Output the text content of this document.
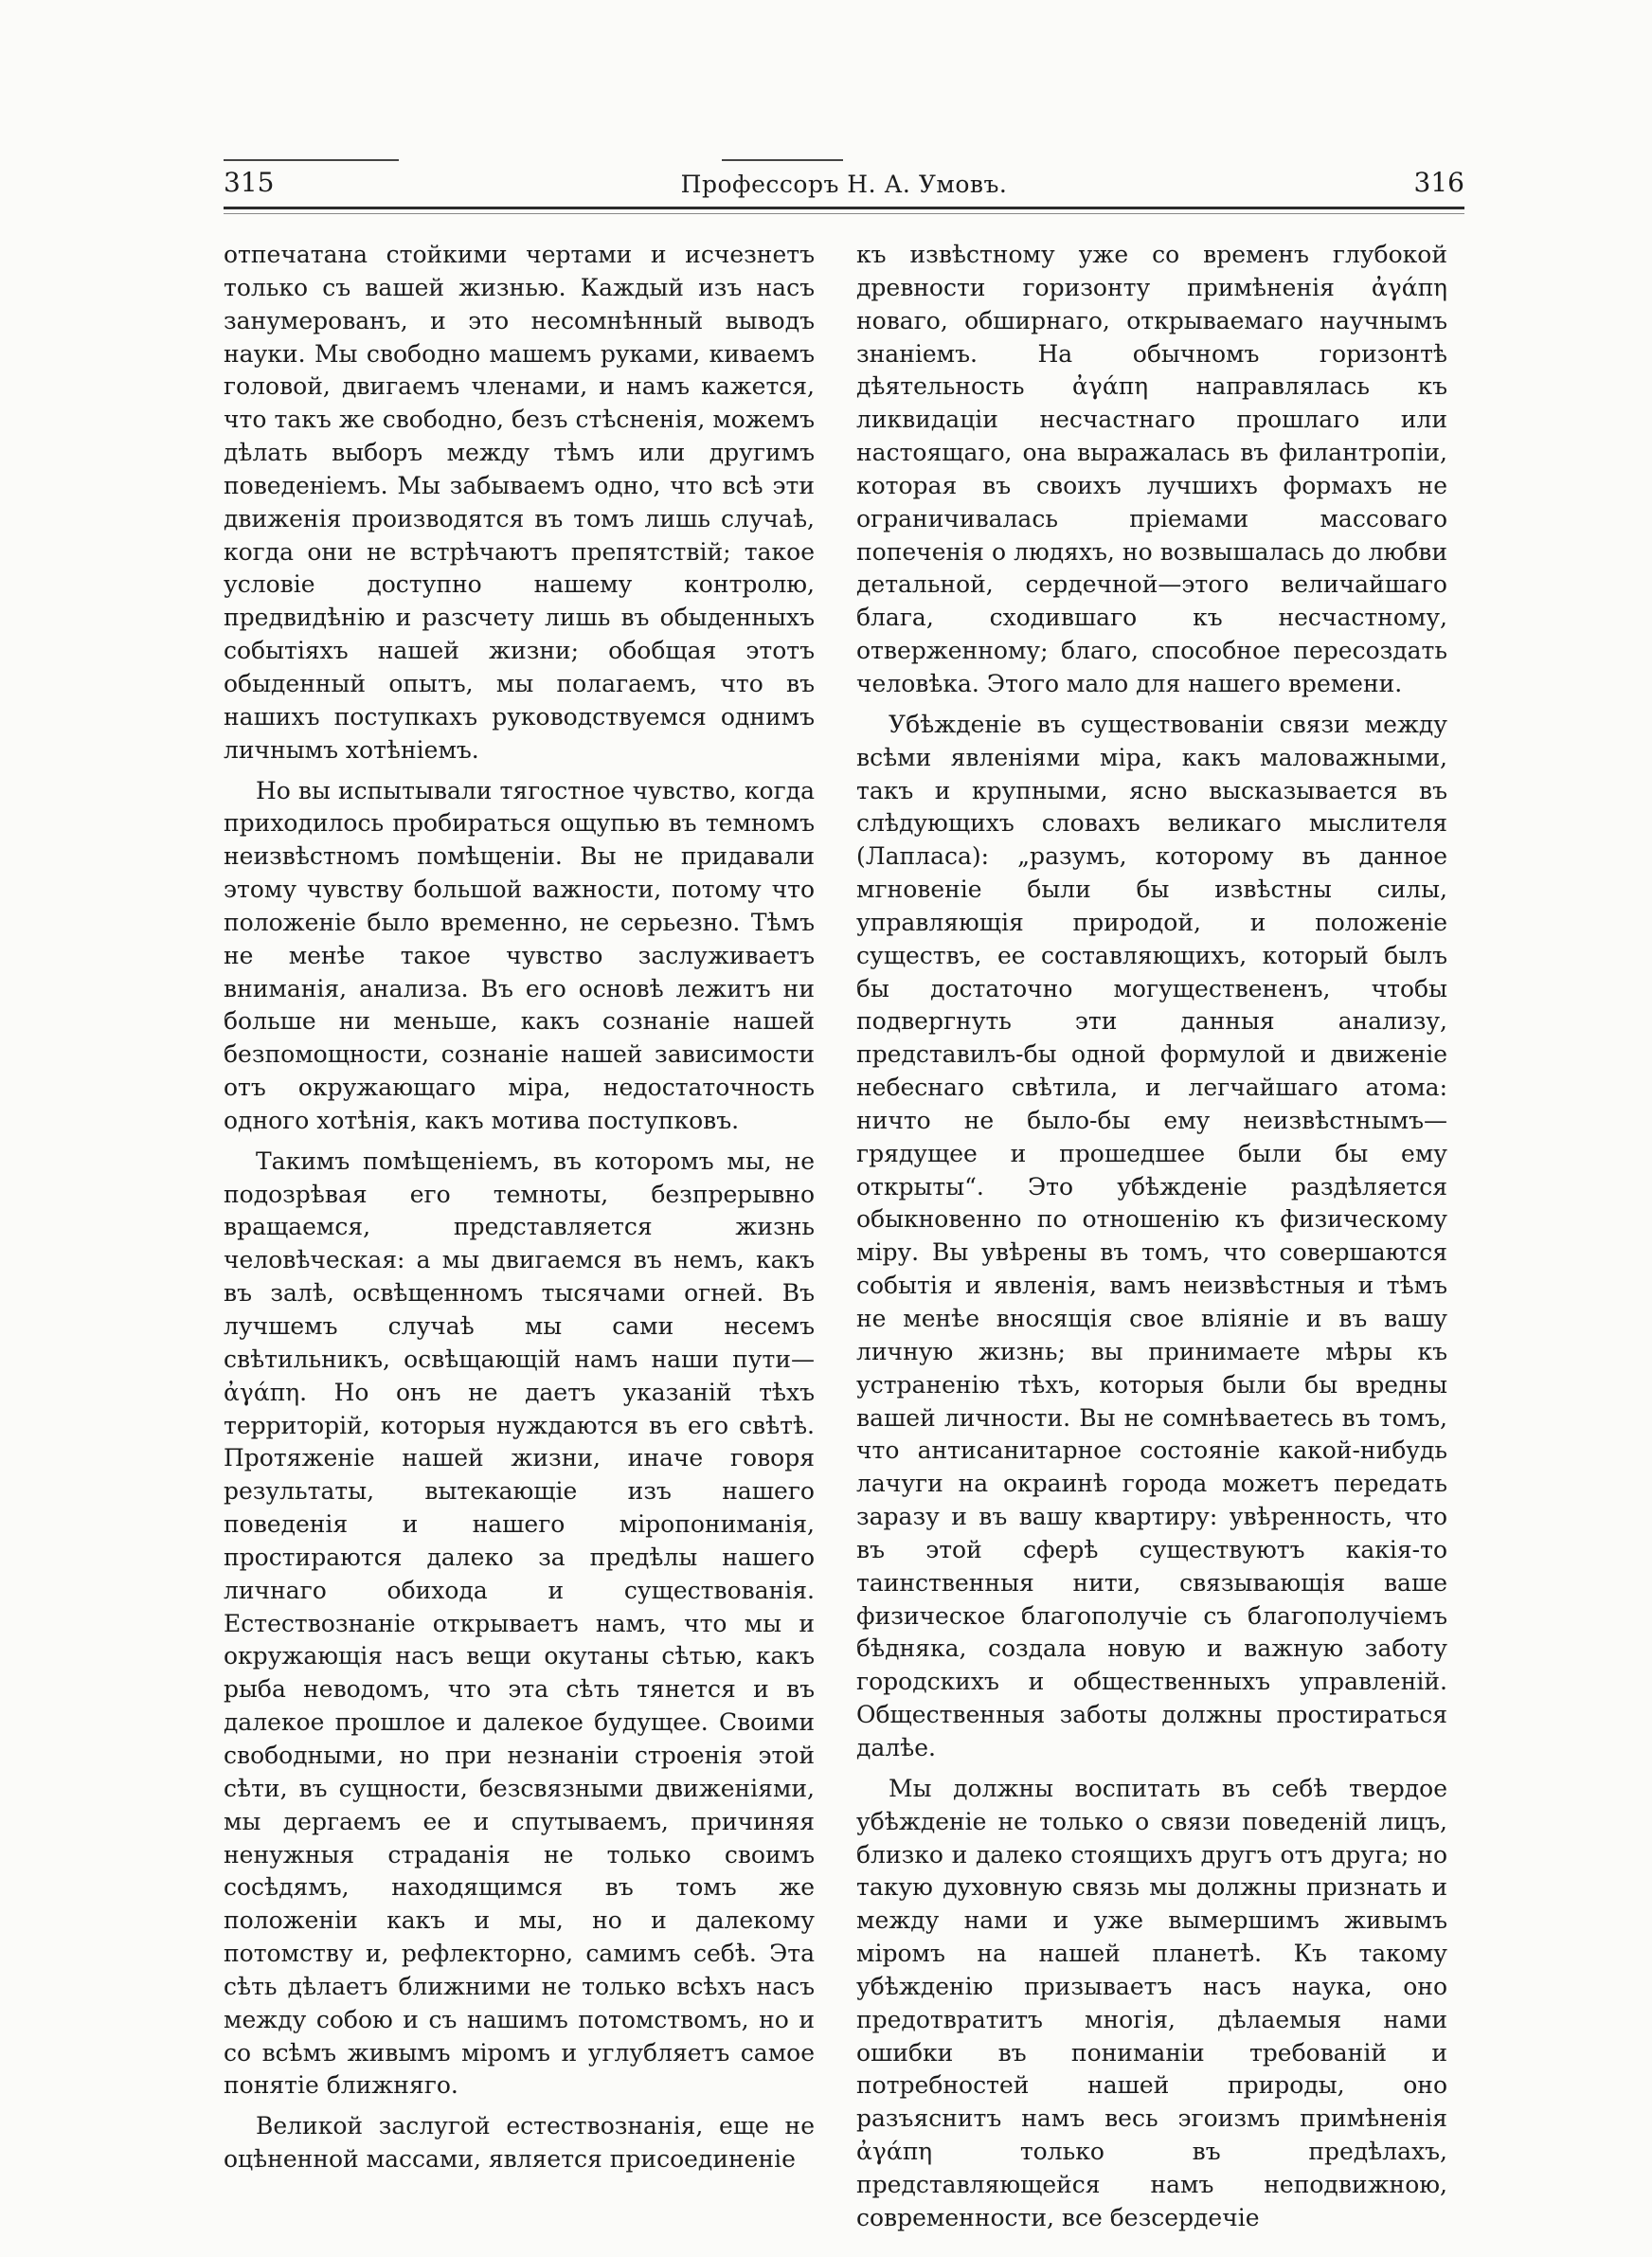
315	Профессоръ Н. А. Умовъ.	316

отпечатана стойкими чертами и исчезнетъ только съ вашей жизнью. Каждый изъ насъ занумерованъ, и это несомнѣнный выводъ науки. Мы свободно машемъ руками, киваемъ головой, двигаемъ членами, и намъ кажется, что такъ же свободно, безъ стѣсненія, можемъ дѣлать выборъ между тѣмъ или другимъ поведеніемъ. Мы забываемъ одно, что всѣ эти движенія производятся въ томъ лишь случаѣ, когда они не встрѣчаютъ препятствій; такое условіе доступно нашему контролю, предвидѣнію и разсчету лишь въ обыденныхъ событіяхъ нашей жизни; обобщая этотъ обыденный опытъ, мы полагаемъ, что въ нашихъ поступкахъ руководствуемся однимъ личнымъ хотѣніемъ.

Но вы испытывали тягостное чувство, когда приходилось пробираться ощупью въ темномъ неизвѣстномъ помѣщеніи. Вы не придавали этому чувству большой важности, потому что положеніе было временно, не серьезно. Тѣмъ не менѣе такое чувство заслуживаетъ вниманія, анализа. Въ его основѣ лежитъ ни больше ни меньше, какъ сознаніе нашей безпомощности, сознаніе нашей зависимости отъ окружающаго міра, недостаточность одного хотѣнія, какъ мотива поступковъ.

Такимъ помѣщеніемъ, въ которомъ мы, не подозрѣвая его темноты, безпрерывно вращаемся, представляется жизнь человѣческая: а мы двигаемся въ немъ, какъ въ залѣ, освѣщенномъ тысячами огней. Въ лучшемъ случаѣ мы сами несемъ свѣтильникъ, освѣщающій намъ наши пути—ἀγάπη. Но онъ не даетъ указаній тѣхъ территорій, которыя нуждаются въ его свѣтѣ. Протяженіе нашей жизни, иначе говоря результаты, вытекающіе изъ нашего поведенія и нашего міропониманія, простираются далеко за предѣлы нашего личнаго обихода и существованія. Естествознаніе открываетъ намъ, что мы и окружающія насъ вещи окутаны сѣтью, какъ рыба неводомъ, что эта сѣть тянется и въ далекое прошлое и далекое будущее. Своими свободными, но при незнаніи строенія этой сѣти, въ сущности, безсвязными движеніями, мы дергаемъ ее и спутываемъ, причиняя ненужныя страданія не только своимъ сосѣдямъ, находящимся въ томъ же положеніи какъ и мы, но и далекому потомству и, рефлекторно, самимъ себѣ. Эта сѣть дѣлаетъ ближними не только всѣхъ насъ между собою и съ нашимъ потомствомъ, но и со всѣмъ живымъ міромъ и углубляетъ самое понятіе ближняго.

Великой заслугой естествознанія, еще не оцѣненной массами, является присоединеніе

къ извѣстному уже со временъ глубокой древности горизонту примѣненія ἀγάπη новаго, обширнаго, открываемаго научнымъ знаніемъ. На обычномъ горизонтѣ дѣятельность ἀγάπη направлялась къ ликвидаціи несчастнаго прошлаго или настоящаго, она выражалась въ филантропіи, которая въ своихъ лучшихъ формахъ не ограничивалась пріемами массоваго попеченія о людяхъ, но возвышалась до любви детальной, сердечной—этого величайшаго блага, сходившаго къ несчастному, отверженному; благо, способное пересоздать человѣка. Этого мало для нашего времени.

Убѣжденіе въ существованіи связи между всѣми явленіями міра, какъ маловажными, такъ и крупными, ясно высказывается въ слѣдующихъ словахъ великаго мыслителя (Лапласа): „разумъ, которому въ данное мгновеніе были бы извѣстны силы, управляющія природой, и положеніе существъ, ее составляющихъ, который былъ бы достаточно могуществененъ, чтобы подвергнуть эти данныя анализу, представилъ-бы одной формулой и движеніе небеснаго свѣтила, и легчайшаго атома: ничто не было-бы ему неизвѣстнымъ—грядущее и прошедшее были бы ему открыты“. Это убѣжденіе раздѣляется обыкновенно по отношенію къ физическому міру. Вы увѣрены въ томъ, что совершаются событія и явленія, вамъ неизвѣстныя и тѣмъ не менѣе вносящія свое вліяніе и въ вашу личную жизнь; вы принимаете мѣры къ устраненію тѣхъ, которыя были бы вредны вашей личности. Вы не сомнѣваетесь въ томъ, что антисанитарное состояніе какой-нибудь лачуги на окраинѣ города можетъ передать заразу и въ вашу квартиру: увѣренность, что въ этой сферѣ существуютъ какія-то таинственныя нити, связывающія ваше физическое благополучіе съ благополучіемъ бѣдняка, создала новую и важную заботу городскихъ и общественныхъ управленій. Общественныя заботы должны простираться далѣе.

Мы должны воспитать въ себѣ твердое убѣжденіе не только о связи поведеній лицъ, близко и далеко стоящихъ другъ отъ друга; но такую духовную связь мы должны признать и между нами и уже вымершимъ живымъ міромъ на нашей планетѣ. Къ такому убѣжденію призываетъ насъ наука, оно предотвратитъ многія, дѣлаемыя нами ошибки въ пониманіи требованій и потребностей нашей природы, оно разъяснитъ намъ весь эгоизмъ примѣненія ἀγάπη только въ предѣлахъ, представляющейся намъ неподвижною, современности, все безсердечіе
